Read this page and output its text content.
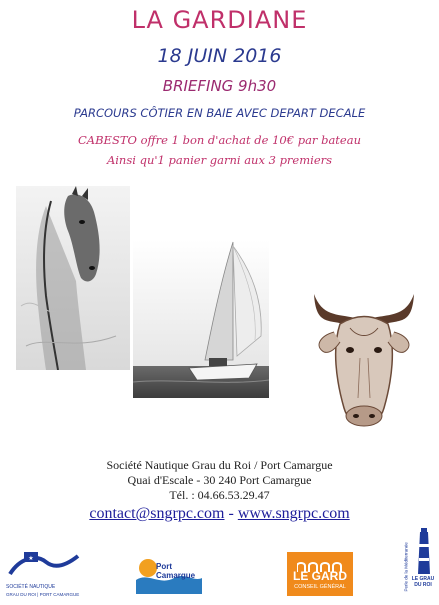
LA GARDIANE
18 JUIN 2016
BRIEFING 9h30
PARCOURS CÔTIER EN BAIE AVEC DEPART DECALE
CABESTO offre 1 bon d'achat de 10€ par bateau
Ainsi qu'1 panier garni aux 3 premiers
Société Nautique Grau du Roi / Port Camargue
Quai d'Escale - 30 240 Port Camargue
Tél. : 04.66.53.29.47
contact@sngrpc.com - www.sngrpc.com
★
SOCIÉTÉ NAUTIQUE
GRAU DU ROI | PORT CAMARGUE
Port Camargue	LE GARD
CONSEIL GÉNÉRAL	Perle de la Méditerranée LE GRAU DU ROI
